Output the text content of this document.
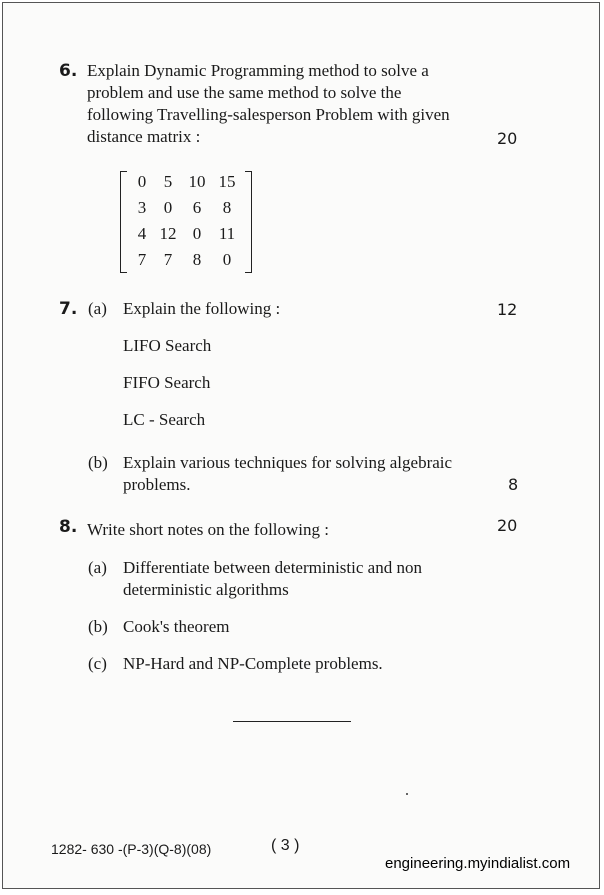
6. Explain Dynamic Programming method to solve a
problem and use the same method to solve the
following Travelling-salesperson Problem with given
distance matrix :	20
0	5 10 15
3	0	6	8
4 12 0	11
7	7	8	0
7. (a) Explain the following :	12
LIFO Search
FIFO Search
LC - Search
(b) Explain various techniques for solving algebraic
problems.	8
8. Write short notes on the following :	20
(a) Differentiate between deterministic and non
deterministic algorithms
(b) Cook's theorem
(c) NP-Hard and NP-Complete problems.
1282- 630 -(P-3)(Q-8)(08)	( 3 )
engineering.myindialist.com
